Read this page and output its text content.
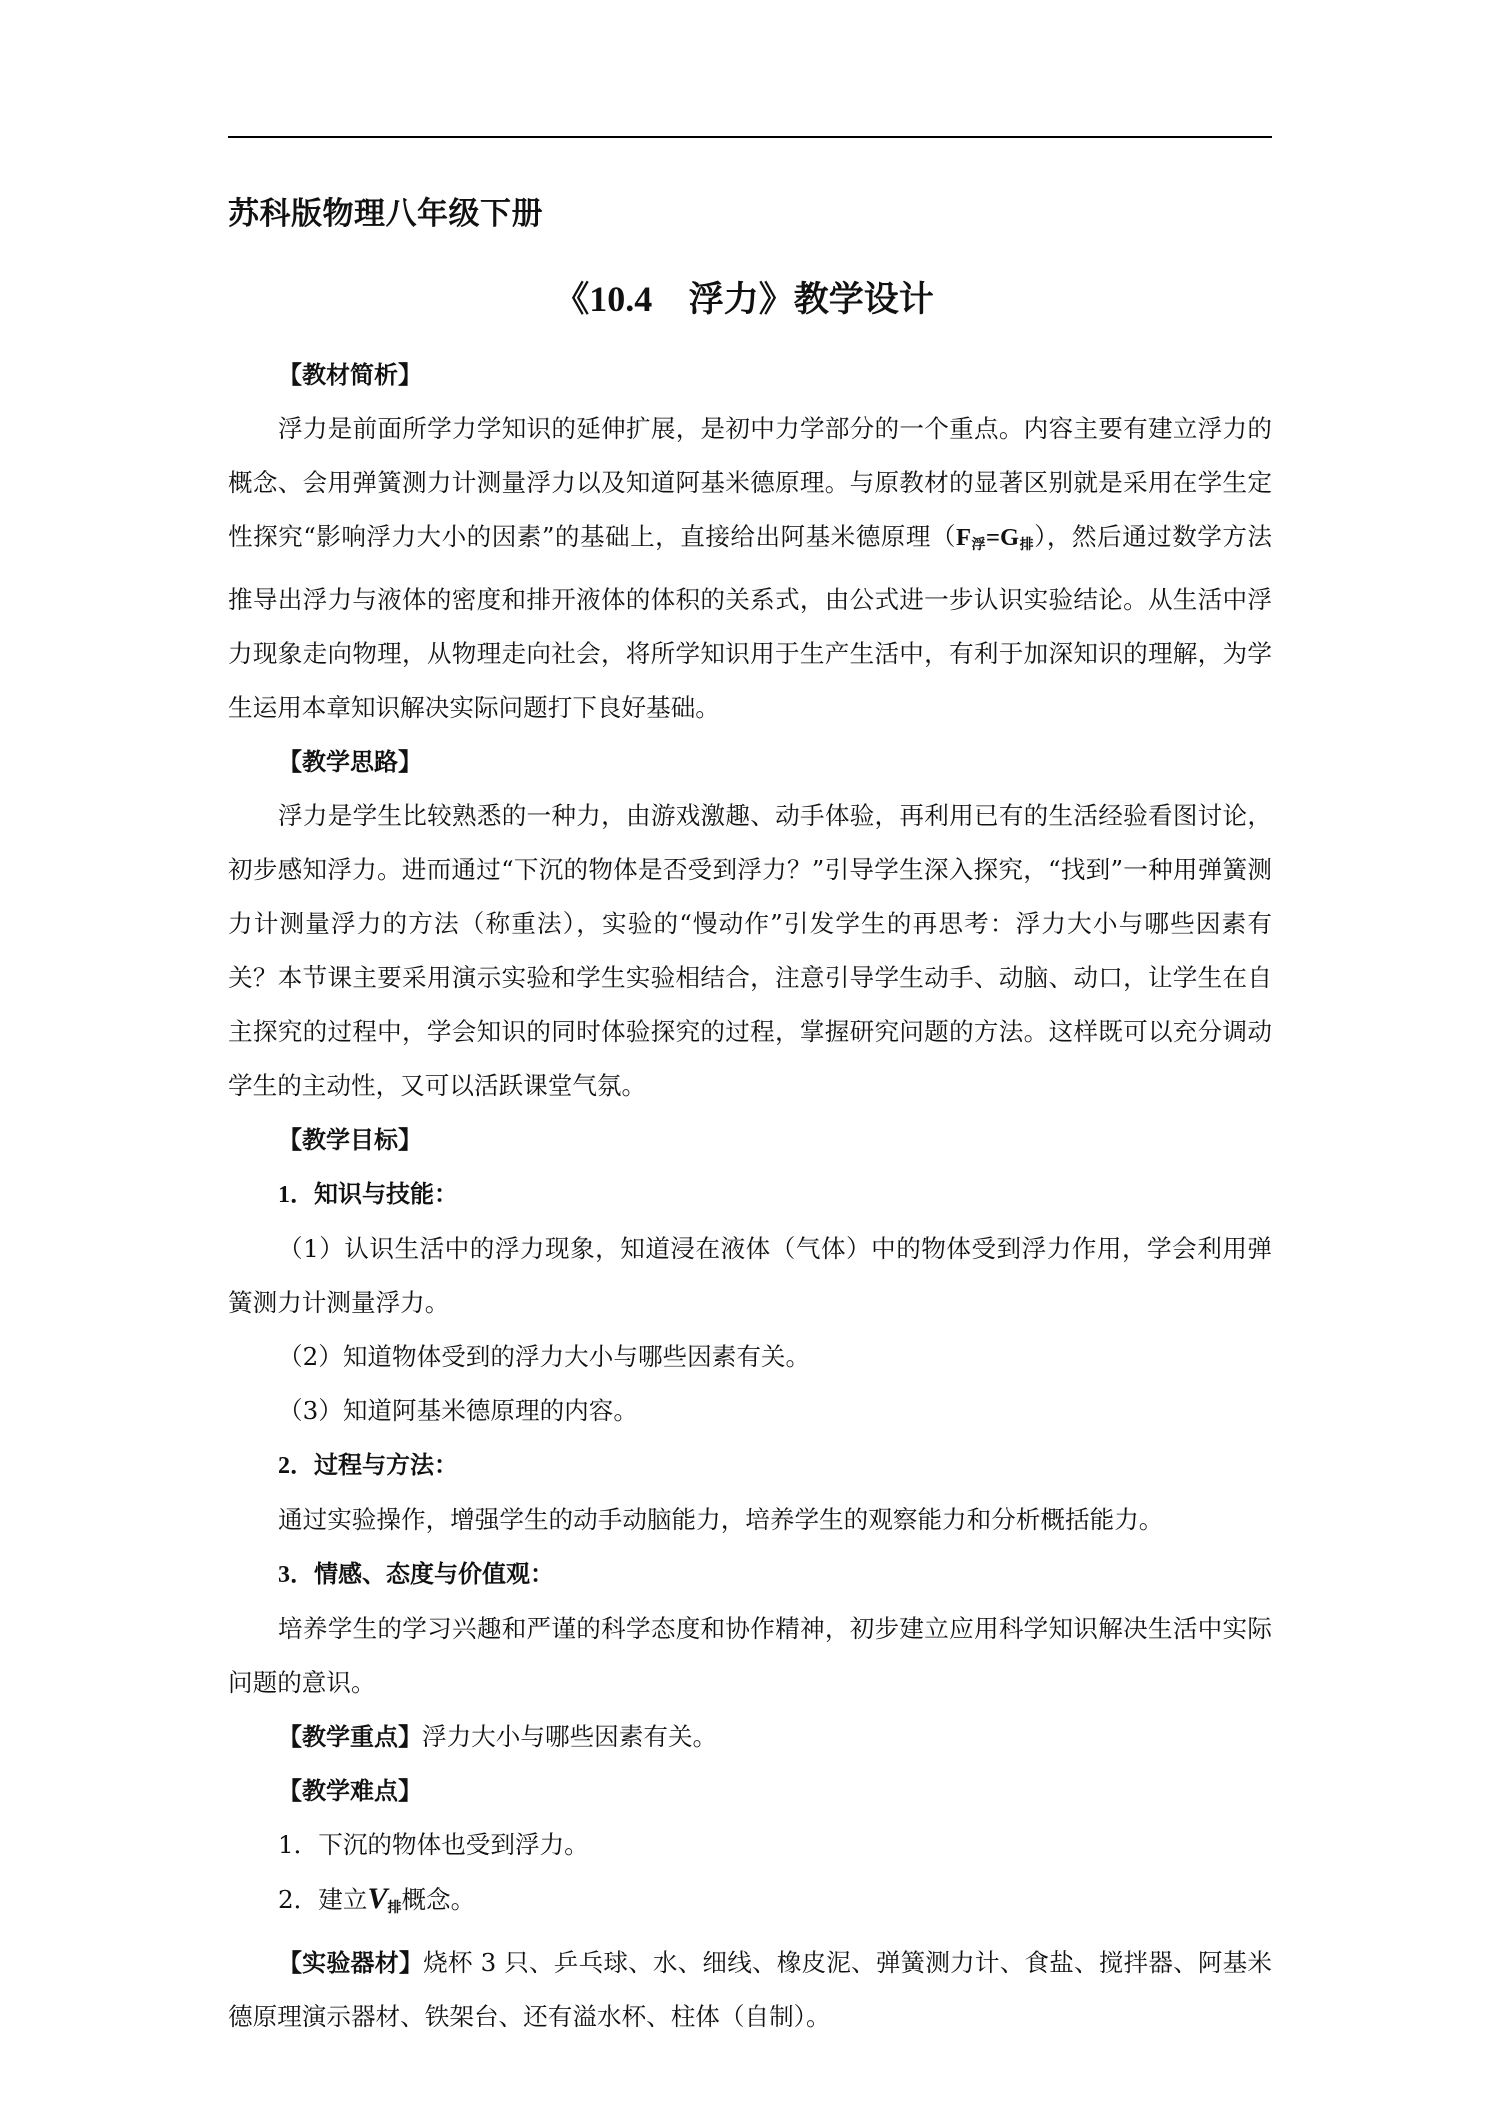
苏科版物理八年级下册
《10.4 浮力》教学设计

【教材简析】

浮力是前面所学力学知识的延伸扩展，是初中力学部分的一个重点。内容主要有建立浮力的概念、会用弹簧测力计测量浮力以及知道阿基米德原理。与原教材的显著区别就是采用在学生定性探究“影响浮力大小的因素”的基础上，直接给出阿基米德原理$(F_浮=G_排)$，然后通过数学方法推导出浮力与液体的密度和排开液体的体积的关系式，由公式进一步认识实验结论。从生活中浮力现象走向物理，从物理走向社会，将所学知识用于生产生活中，有利于加深知识的理解，为学生运用本章知识解决实际问题打下良好基础。

【教学思路】

浮力是学生比较熟悉的一种力，由游戏激趣、动手体验，再利用已有的生活经验看图讨论，初步感知浮力。进而通过“下沉的物体是否受到浮力？”引导学生深入探究，“找到”一种用弹簧测力计测量浮力的方法（称重法），实验的“慢动作”引发学生的再思考：浮力大小与哪些因素有关？本节课主要采用演示实验和学生实验相结合，注意引导学生动手、动脑、动口，让学生在自主探究的过程中，学会知识的同时体验探究的过程，掌握研究问题的方法。这样既可以充分调动学生的主动性，又可以活跃课堂气氛。

【教学目标】

1．知识与技能：

（1）认识生活中的浮力现象，知道浸在液体（气体）中的物体受到浮力作用，学会利用弹簧测力计测量浮力。

（2）知道物体受到的浮力大小与哪些因素有关。

（3）知道阿基米德原理的内容。

2．过程与方法：

通过实验操作，增强学生的动手动脑能力，培养学生的观察能力和分析概括能力。

3．情感、态度与价值观：

培养学生的学习兴趣和严谨的科学态度和协作精神，初步建立应用科学知识解决生活中实际问题的意识。

【教学重点】浮力大小与哪些因素有关。

【教学难点】

1．下沉的物体也受到浮力。

2．建立$V_排$概念。

【实验器材】烧杯 3 只、乒乓球、水、细线、橡皮泥、弹簧测力计、食盐、搅拌器、阿基米德原理演示器材、铁架台、还有溢水杯、柱体（自制）。
